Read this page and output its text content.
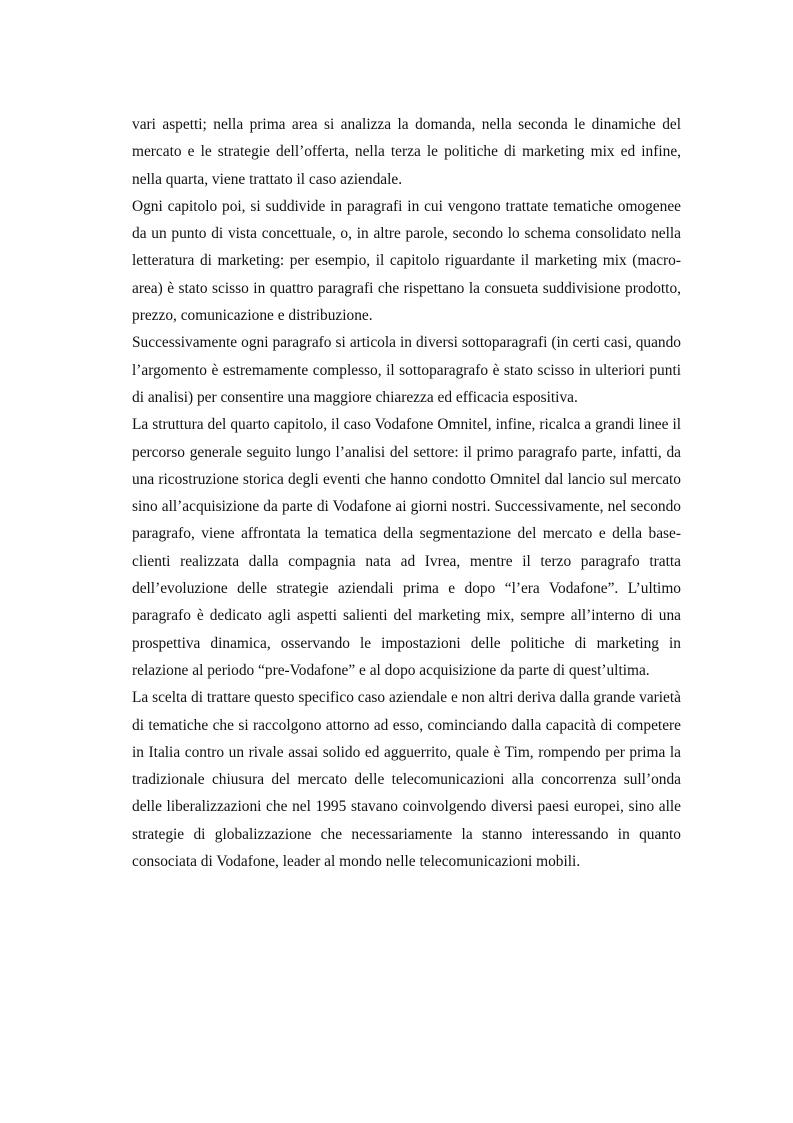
vari aspetti; nella prima area si analizza la domanda, nella seconda le dinamiche del mercato e le strategie dell’offerta, nella terza le politiche di marketing mix ed infine, nella quarta, viene trattato il caso aziendale.

Ogni capitolo poi, si suddivide in paragrafi in cui vengono trattate tematiche omogenee da un punto di vista concettuale, o, in altre parole, secondo lo schema consolidato nella letteratura di marketing: per esempio, il capitolo riguardante il marketing mix (macro-area) è stato scisso in quattro paragrafi che rispettano la consueta suddivisione prodotto, prezzo, comunicazione e distribuzione.

Successivamente ogni paragrafo si articola in diversi sottoparagrafi (in certi casi, quando l’argomento è estremamente complesso, il sottoparagrafo è stato scisso in ulteriori punti di analisi) per consentire una maggiore chiarezza ed efficacia espositiva.

La struttura del quarto capitolo, il caso Vodafone Omnitel, infine, ricalca a grandi linee il percorso generale seguito lungo l’analisi del settore: il primo paragrafo parte, infatti, da una ricostruzione storica degli eventi che hanno condotto Omnitel dal lancio sul mercato sino all’acquisizione da parte di Vodafone ai giorni nostri. Successivamente, nel secondo paragrafo, viene affrontata la tematica della segmentazione del mercato e della base-clienti realizzata dalla compagnia nata ad Ivrea, mentre il terzo paragrafo tratta dell’evoluzione delle strategie aziendali prima e dopo “l’era Vodafone”. L’ultimo paragrafo è dedicato agli aspetti salienti del marketing mix, sempre all’interno di una prospettiva dinamica, osservando le impostazioni delle politiche di marketing in relazione al periodo “pre-Vodafone” e al dopo acquisizione da parte di quest’ultima.

La scelta di trattare questo specifico caso aziendale e non altri deriva dalla grande varietà di tematiche che si raccolgono attorno ad esso, cominciando dalla capacità di competere in Italia contro un rivale assai solido ed agguerrito, quale è Tim, rompendo per prima la tradizionale chiusura del mercato delle telecomunicazioni alla concorrenza sull’onda delle liberalizzazioni che nel 1995 stavano coinvolgendo diversi paesi europei, sino alle strategie di globalizzazione che necessariamente la stanno interessando in quanto consociata di Vodafone, leader al mondo nelle telecomunicazioni mobili.
